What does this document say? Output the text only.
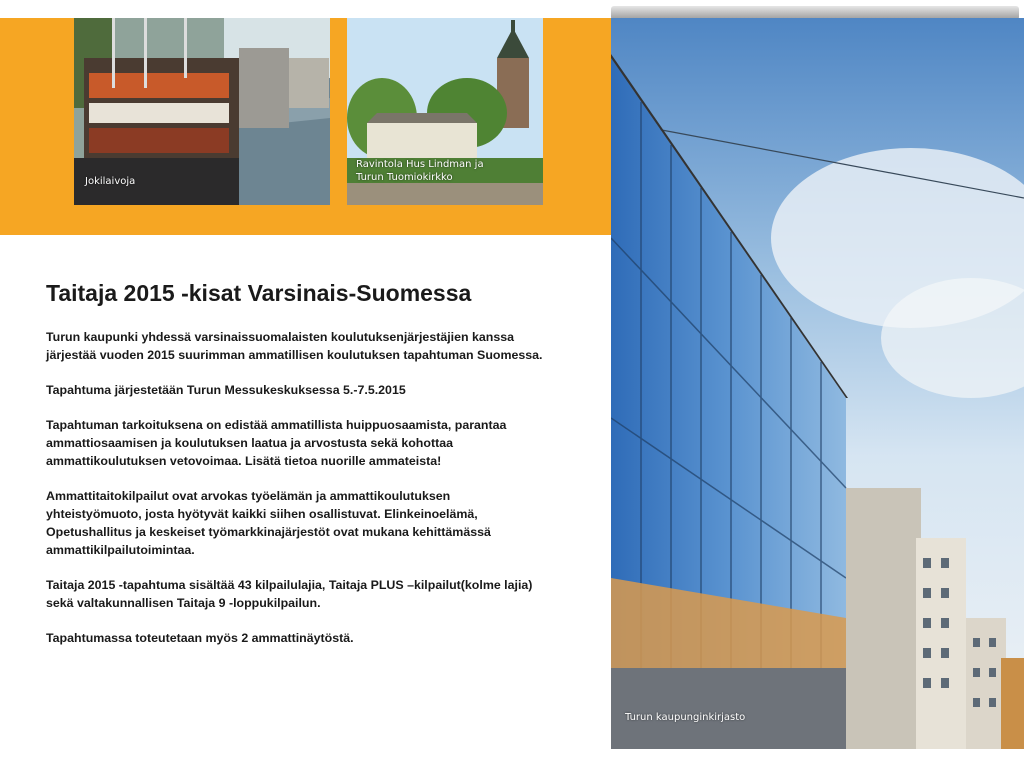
Jokilaivoja
Ravintola Hus Lindman ja
Turun Tuomiokirkko
Turun kaupunginkirjasto
Taitaja 2015 -kisat Varsinais-Suomessa

Turun kaupunki yhdessä varsinaissuomalaisten koulutuksenjärjestäjien kanssa järjestää vuoden 2015 suurimman ammatillisen koulutuksen tapahtuman Suomessa.

Tapahtuma järjestetään Turun Messukeskuksessa 5.-7.5.2015

Tapahtuman tarkoituksena on edistää ammatillista huippuosaamista, parantaa ammattiosaamisen ja koulutuksen laatua ja arvostusta sekä kohottaa ammattikoulutuksen vetovoimaa. Lisätä tietoa nuorille ammateista!

Ammattitaitokilpailut ovat arvokas työelämän ja ammattikoulutuksen yhteistyömuoto, josta hyötyvät kaikki siihen osallistuvat. Elinkeinoelämä, Opetushallitus ja keskeiset työmarkkinajärjestöt ovat mukana kehittämässä ammattikilpailutoimintaa.

Taitaja 2015 -tapahtuma sisältää 43 kilpailulajia, Taitaja PLUS –kilpailut(kolme lajia) sekä valtakunnallisen Taitaja 9 -loppukilpailun.

Tapahtumassa toteutetaan myös 2 ammattinäytöstä.
